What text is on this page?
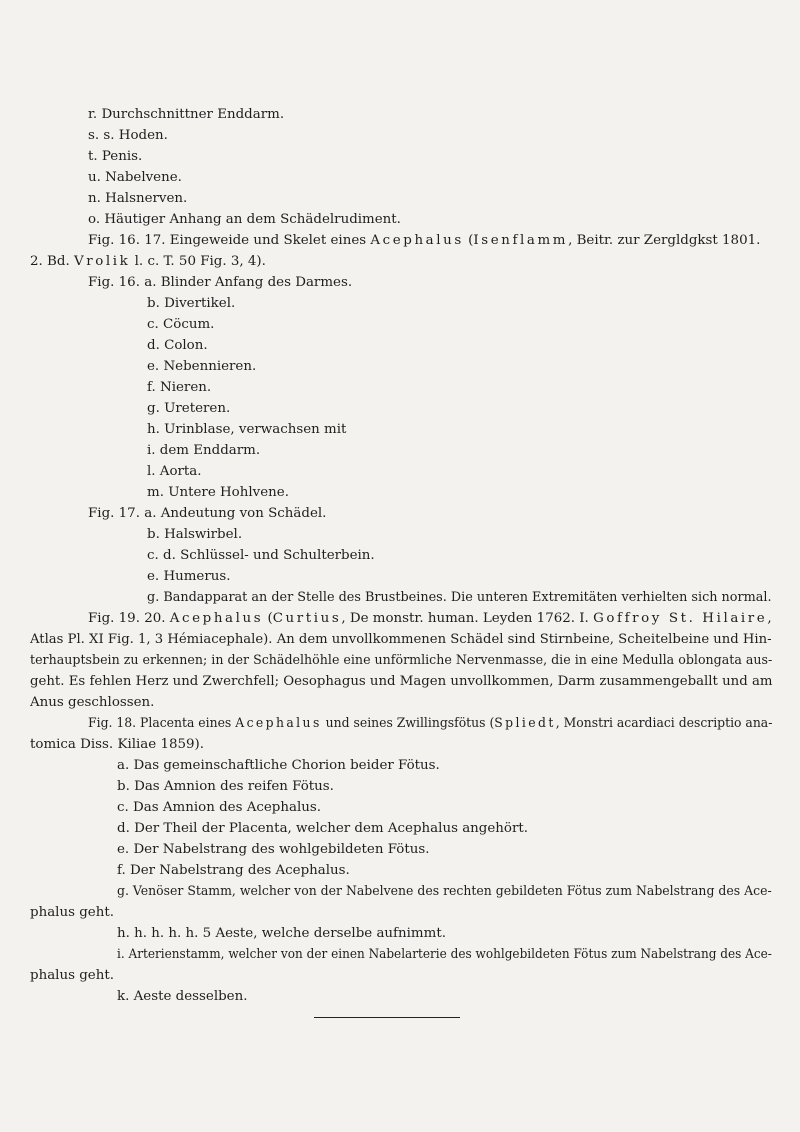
r. Durchschnittner Enddarm.
s. s. Hoden.
t. Penis.
u. Nabelvene.
n. Halsnerven.
o. Häutiger Anhang an dem Schädelrudiment.
Fig. 16. 17. Eingeweide und Skelet eines Acephalus (Isenflamm, Beitr. zur Zergldgkst 1801.
2. Bd. Vrolik l. c. T. 50 Fig. 3, 4).
Fig. 16. a. Blinder Anfang des Darmes.
b. Divertikel.
c. Cöcum.
d. Colon.
e. Nebennieren.
f. Nieren.
g. Ureteren.
h. Urinblase, verwachsen mit
i. dem Enddarm.
l. Aorta.
m. Untere Hohlvene.
Fig. 17. a. Andeutung von Schädel.
b. Halswirbel.
c. d. Schlüssel- und Schulterbein.
e. Humerus.
g. Bandapparat an der Stelle des Brustbeines. Die unteren Extremitäten verhielten sich normal.
Fig. 19. 20. Acephalus (Curtius, De monstr. human. Leyden 1762. I. Goffroy St. Hilaire,
Atlas Pl. XI Fig. 1, 3 Hémiacephale). An dem unvollkommenen Schädel sind Stirnbeine, Scheitelbeine und Hin-
terhauptsbein zu erkennen; in der Schädelhöhle eine unförmliche Nervenmasse, die in eine Medulla oblongata aus-
geht. Es fehlen Herz und Zwerchfell; Oesophagus und Magen unvollkommen, Darm zusammengeballt und am
Anus geschlossen.
Fig. 18. Placenta eines Acephalus und seines Zwillingsfötus (Spliedt, Monstri acardiaci descriptio ana-
tomica Diss. Kiliae 1859).
a. Das gemeinschaftliche Chorion beider Fötus.
b. Das Amnion des reifen Fötus.
c. Das Amnion des Acephalus.
d. Der Theil der Placenta, welcher dem Acephalus angehört.
e. Der Nabelstrang des wohlgebildeten Fötus.
f. Der Nabelstrang des Acephalus.
g. Venöser Stamm, welcher von der Nabelvene des rechten gebildeten Fötus zum Nabelstrang des Ace-
phalus geht.
h. h. h. h. h. 5 Aeste, welche derselbe aufnimmt.
i. Arterienstamm, welcher von der einen Nabelarterie des wohlgebildeten Fötus zum Nabelstrang des Ace-
phalus geht.
k. Aeste desselben.
